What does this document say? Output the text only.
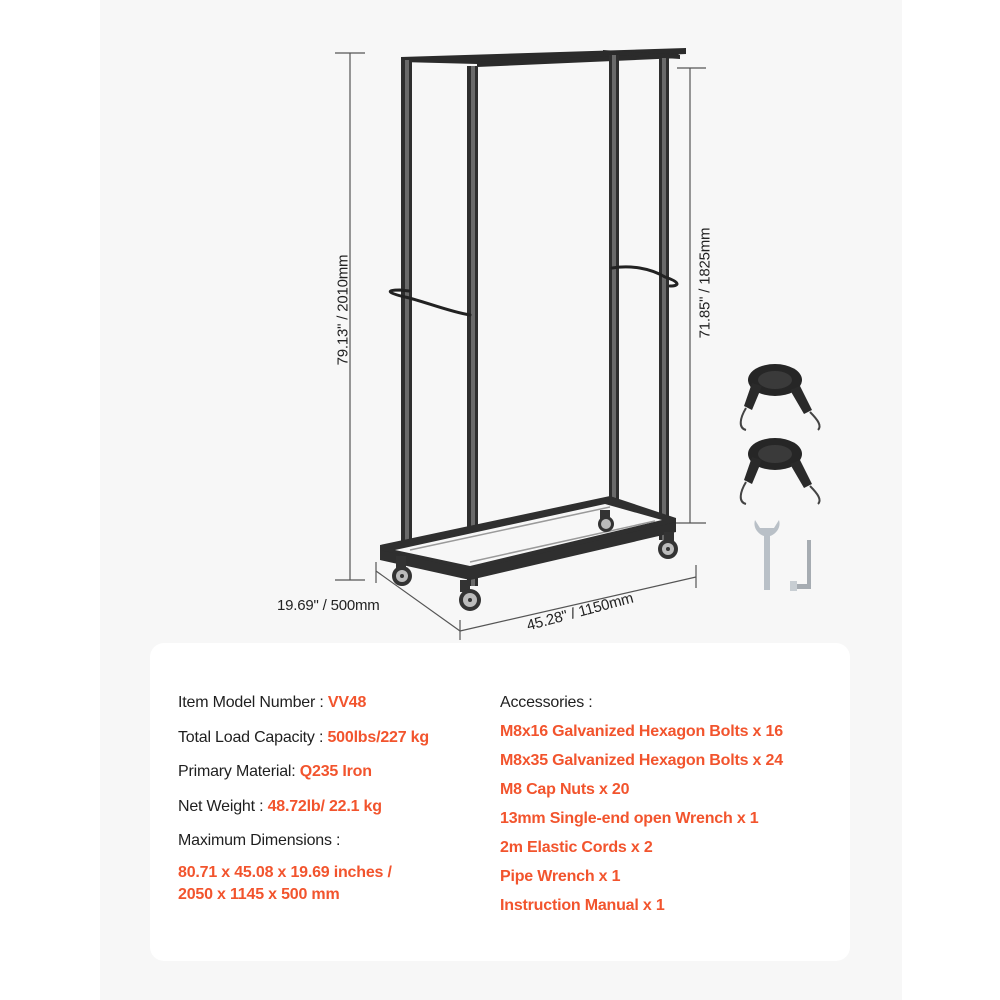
79.13" / 2010mm	71.85" / 1825mm
19.69" / 500mm	45.28" / 1150mm
Item Model Number : VV48
Total Load Capacity : 500lbs/227 kg
Primary Material: Q235 Iron
Net Weight : 48.72lb/ 22.1 kg
Maximum Dimensions :
80.71 x 45.08 x 19.69 inches /
2050 x 1145 x 500 mm
Accessories :
M8x16 Galvanized Hexagon Bolts x 16
M8x35 Galvanized Hexagon Bolts x 24
M8 Cap Nuts x 20
13mm Single-end open Wrench x 1
2m Elastic Cords x 2
Pipe Wrench x 1
Instruction Manual x 1
